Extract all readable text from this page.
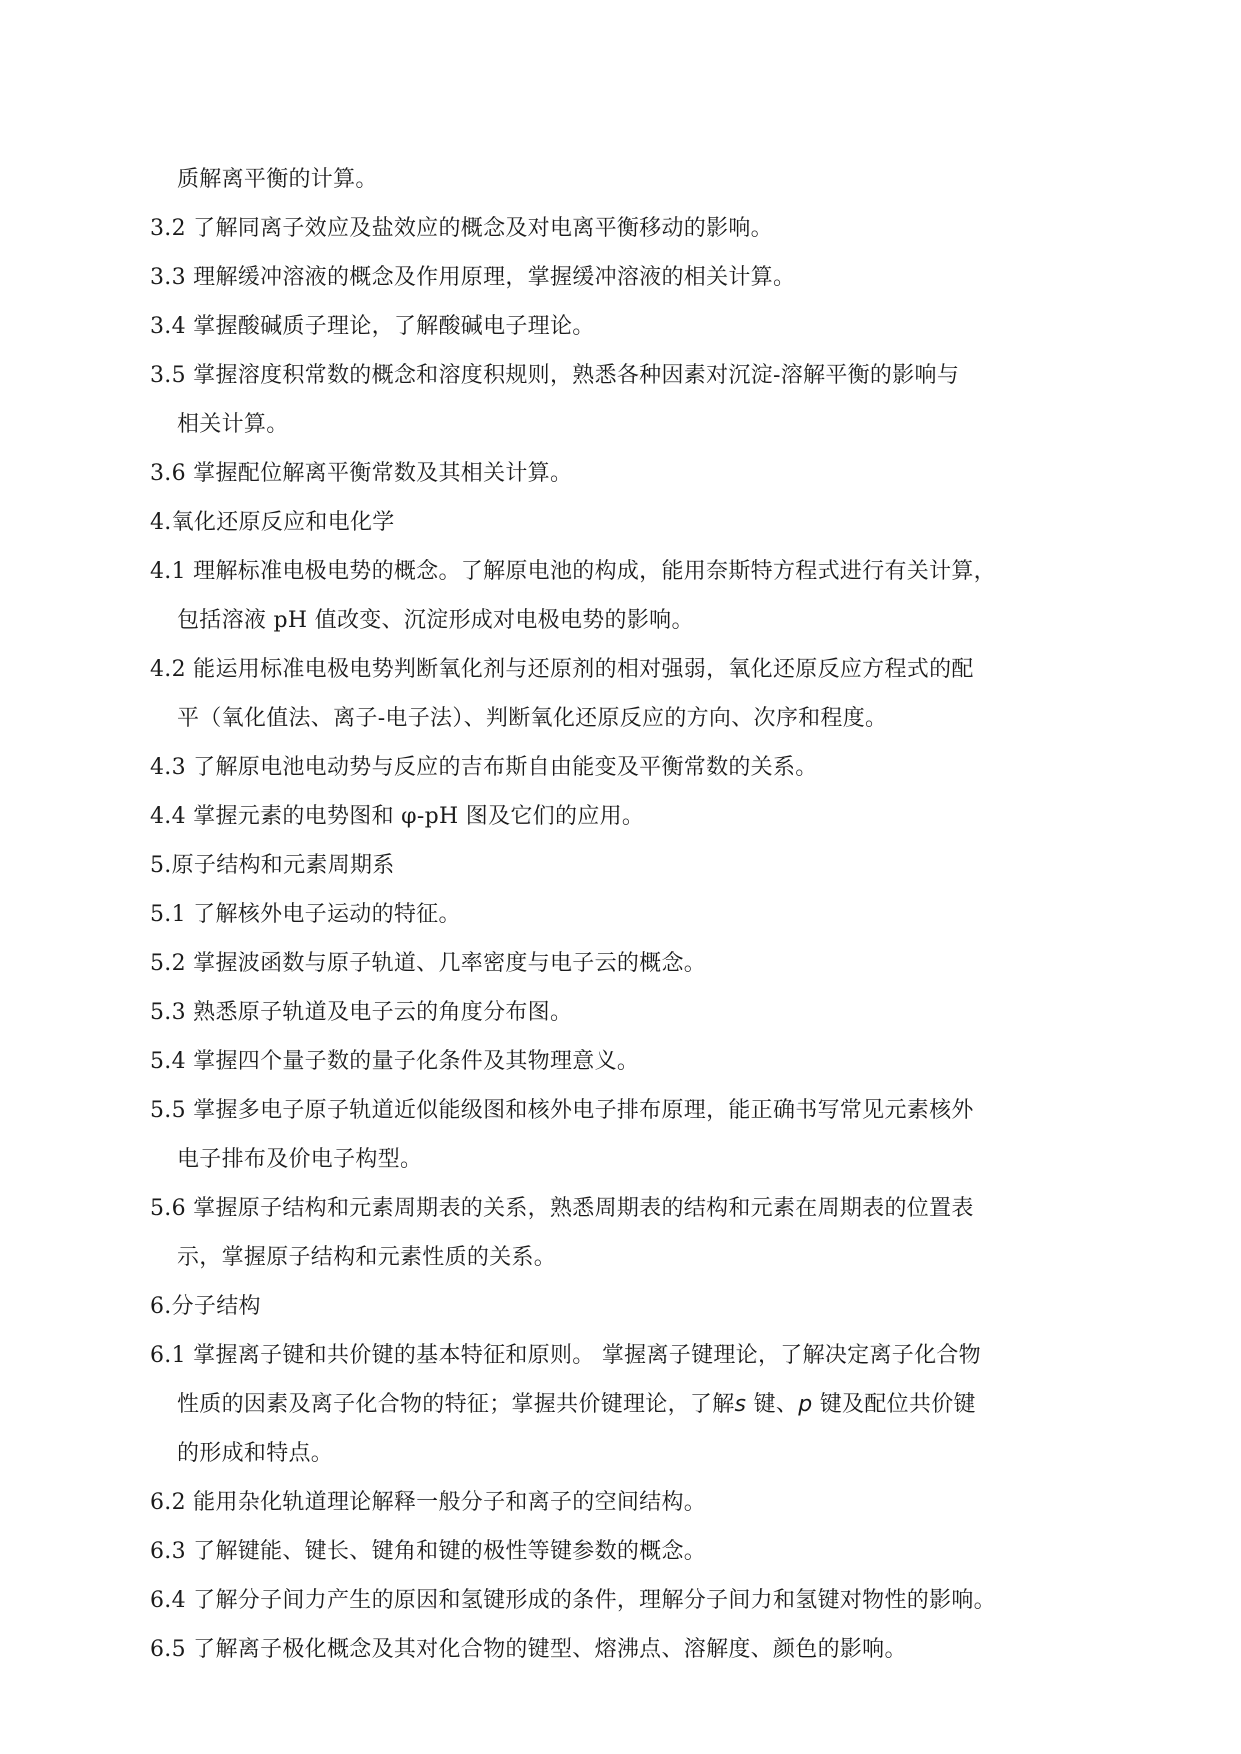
质解离平衡的计算。
3.2 了解同离子效应及盐效应的概念及对电离平衡移动的影响。
3.3 理解缓冲溶液的概念及作用原理，掌握缓冲溶液的相关计算。
3.4 掌握酸碱质子理论，了解酸碱电子理论。
3.5 掌握溶度积常数的概念和溶度积规则，熟悉各种因素对沉淀-溶解平衡的影响与
相关计算。
3.6 掌握配位解离平衡常数及其相关计算。
4.氧化还原反应和电化学
4.1 理解标准电极电势的概念。了解原电池的构成，能用奈斯特方程式进行有关计算，
包括溶液 pH 值改变、沉淀形成对电极电势的影响。
4.2 能运用标准电极电势判断氧化剂与还原剂的相对强弱，氧化还原反应方程式的配
平（氧化值法、离子-电子法）、判断氧化还原反应的方向、次序和程度。
4.3 了解原电池电动势与反应的吉布斯自由能变及平衡常数的关系。
4.4 掌握元素的电势图和 φ-pH 图及它们的应用。
5.原子结构和元素周期系
5.1 了解核外电子运动的特征。
5.2 掌握波函数与原子轨道、几率密度与电子云的概念。
5.3 熟悉原子轨道及电子云的角度分布图。
5.4 掌握四个量子数的量子化条件及其物理意义。
5.5 掌握多电子原子轨道近似能级图和核外电子排布原理，能正确书写常见元素核外
电子排布及价电子构型。
5.6 掌握原子结构和元素周期表的关系，熟悉周期表的结构和元素在周期表的位置表
示，掌握原子结构和元素性质的关系。
6.分子结构
6.1 掌握离子键和共价键的基本特征和原则。 掌握离子键理论，了解决定离子化合物
性质的因素及离子化合物的特征；掌握共价键理论，了解s 键、p 键及配位共价键
的形成和特点。
6.2 能用杂化轨道理论解释一般分子和离子的空间结构。
6.3 了解键能、键长、键角和键的极性等键参数的概念。
6.4 了解分子间力产生的原因和氢键形成的条件，理解分子间力和氢键对物性的影响。
6.5 了解离子极化概念及其对化合物的键型、熔沸点、溶解度、颜色的影响。
